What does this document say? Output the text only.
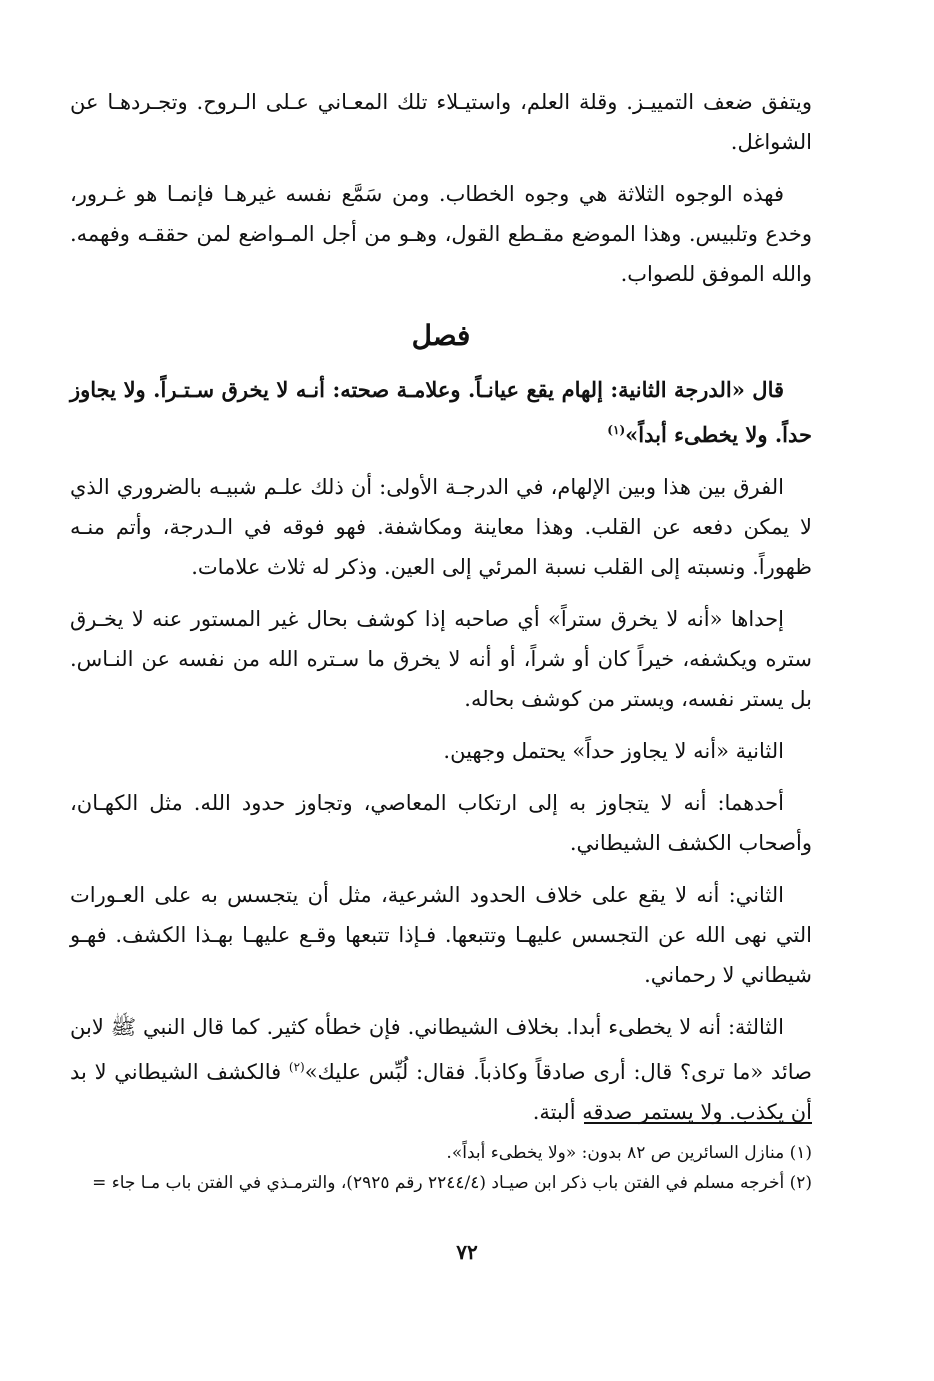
ويتفق ضعف التمييـز. وقلة العلم، واستيـلاء تلك المعـاني عـلى الـروح. وتجـردهـا عن الشواغل.

فهذه الوجوه الثلاثة هي وجوه الخطاب. ومن سَمَّع نفسه غيرهـا فإنمـا هو غـرور، وخدع وتلبيس. وهذا الموضع مقـطع القول، وهـو من أجل المـواضع لمن حققـه وفهمه. والله الموفق للصواب.

فصل

قال «الدرجة الثانية: إلهام يقع عيانـاً. وعلامـة صحته: أنـه لا يخرق سـتـراً. ولا يجاوز حداً. ولا يخطىء أبداً»$^{(١)}$

الفرق بين هذا وبين الإلهام، في الدرجـة الأولى: أن ذلك علـم شبيـه بالضروري الذي لا يمكن دفعه عن القلب. وهذا معاينة ومكاشفة. فهو فوقه في الـدرجة، وأتم منـه ظهوراً. ونسبته إلى القلب نسبة المرئي إلى العين. وذكر له ثلاث علامات.

إحداها «أنه لا يخرق ستراً» أي صاحبه إذا كوشف بحال غير المستور عنه لا يخـرق ستره ويكشفه، خيراً كان أو شراً، أو أنه لا يخرق ما سـتره الله من نفسه عن النـاس. بل يستر نفسه، ويستر من كوشف بحاله.

الثانية «أنه لا يجاوز حداً» يحتمل وجهين.

أحدهما: أنه لا يتجاوز به إلى ارتكاب المعاصي، وتجاوز حدود الله. مثل الكهـان، وأصحاب الكشف الشيطاني.

الثاني: أنه لا يقع على خلاف الحدود الشرعية، مثل أن يتجسس به على العـورات التي نهى الله عن التجسس عليهـا وتتبعها. فـإذا تتبعها وقـع عليهـا بهـذا الكشف. فهـو شيطاني لا رحماني.

الثالثة: أنه لا يخطىء أبدا. بخلاف الشيطاني. فإن خطأه كثير. كما قال النبي ﷺ لابن صائد «ما ترى؟ قال: أرى صادقاً وكاذباً. فقال: لُبِّس عليك»$^{(٢)}$ فالكشف الشيطاني لا بد أن يكذب. ولا يستمر صدقه ألبتة.

(١) منازل السائرين ص ٨٢ بدون: «ولا يخطىء أبداً».

(٢) أخرجه مسلم في الفتن باب ذكر ابن صيـاد (٢٢٤٤/٤ رقم ٢٩٢٥)، والترمـذي في الفتن باب مـا جاء =

٧٢
